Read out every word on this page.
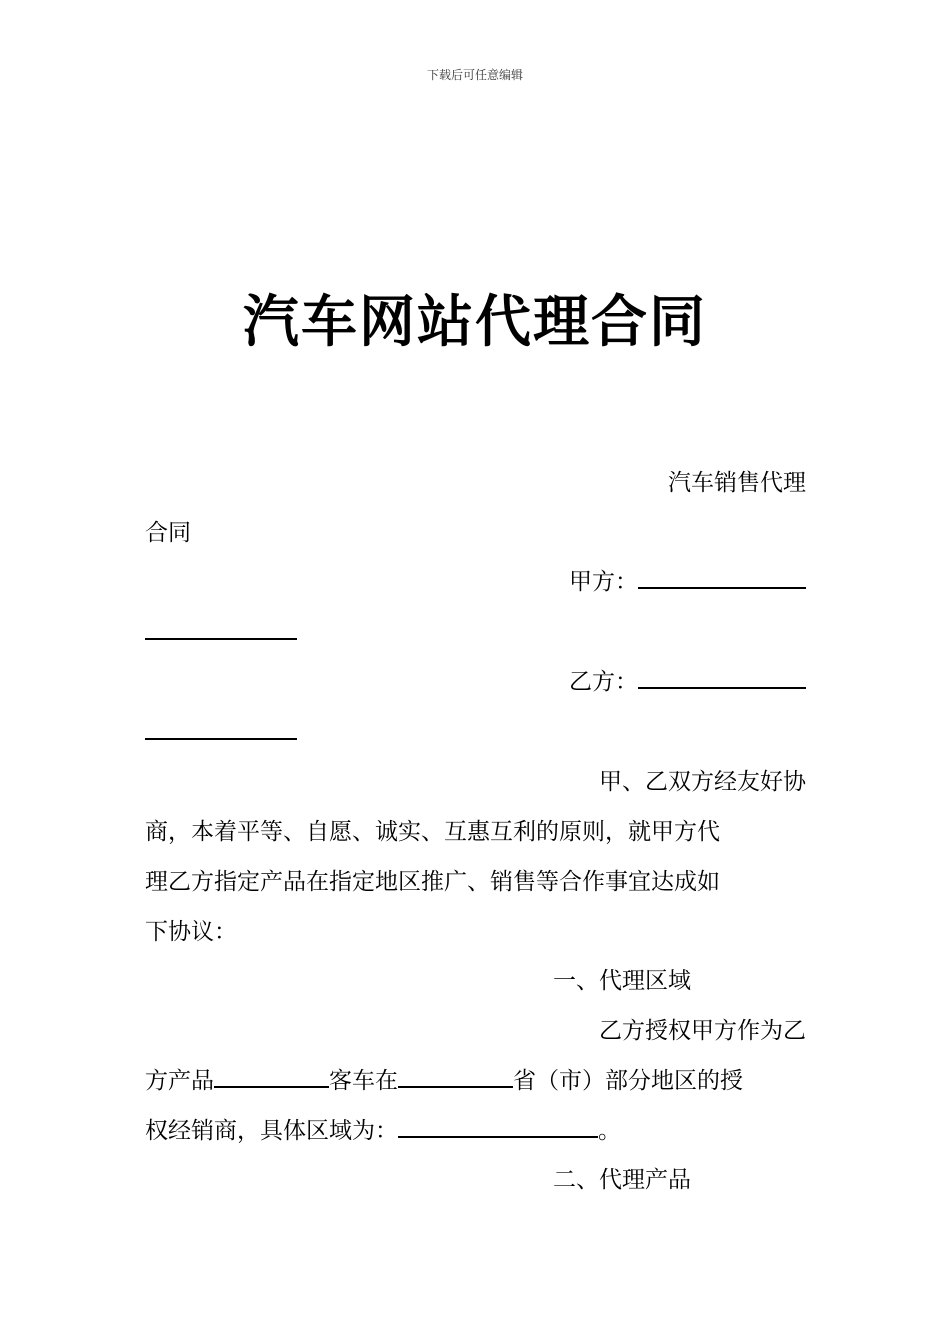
下载后可任意编辑
汽车网站代理合同
汽车销售代理
合同
甲方：
乙方：
甲、乙双方经友好协
商，本着平等、自愿、诚实、互惠互利的原则，就甲方代
理乙方指定产品在指定地区推广、销售等合作事宜达成如
下协议：
一、代理区域
乙方授权甲方作为乙
方产品	客车在	省（市）部分地区的授
权经销商，具体区域为：	。
二、代理产品
